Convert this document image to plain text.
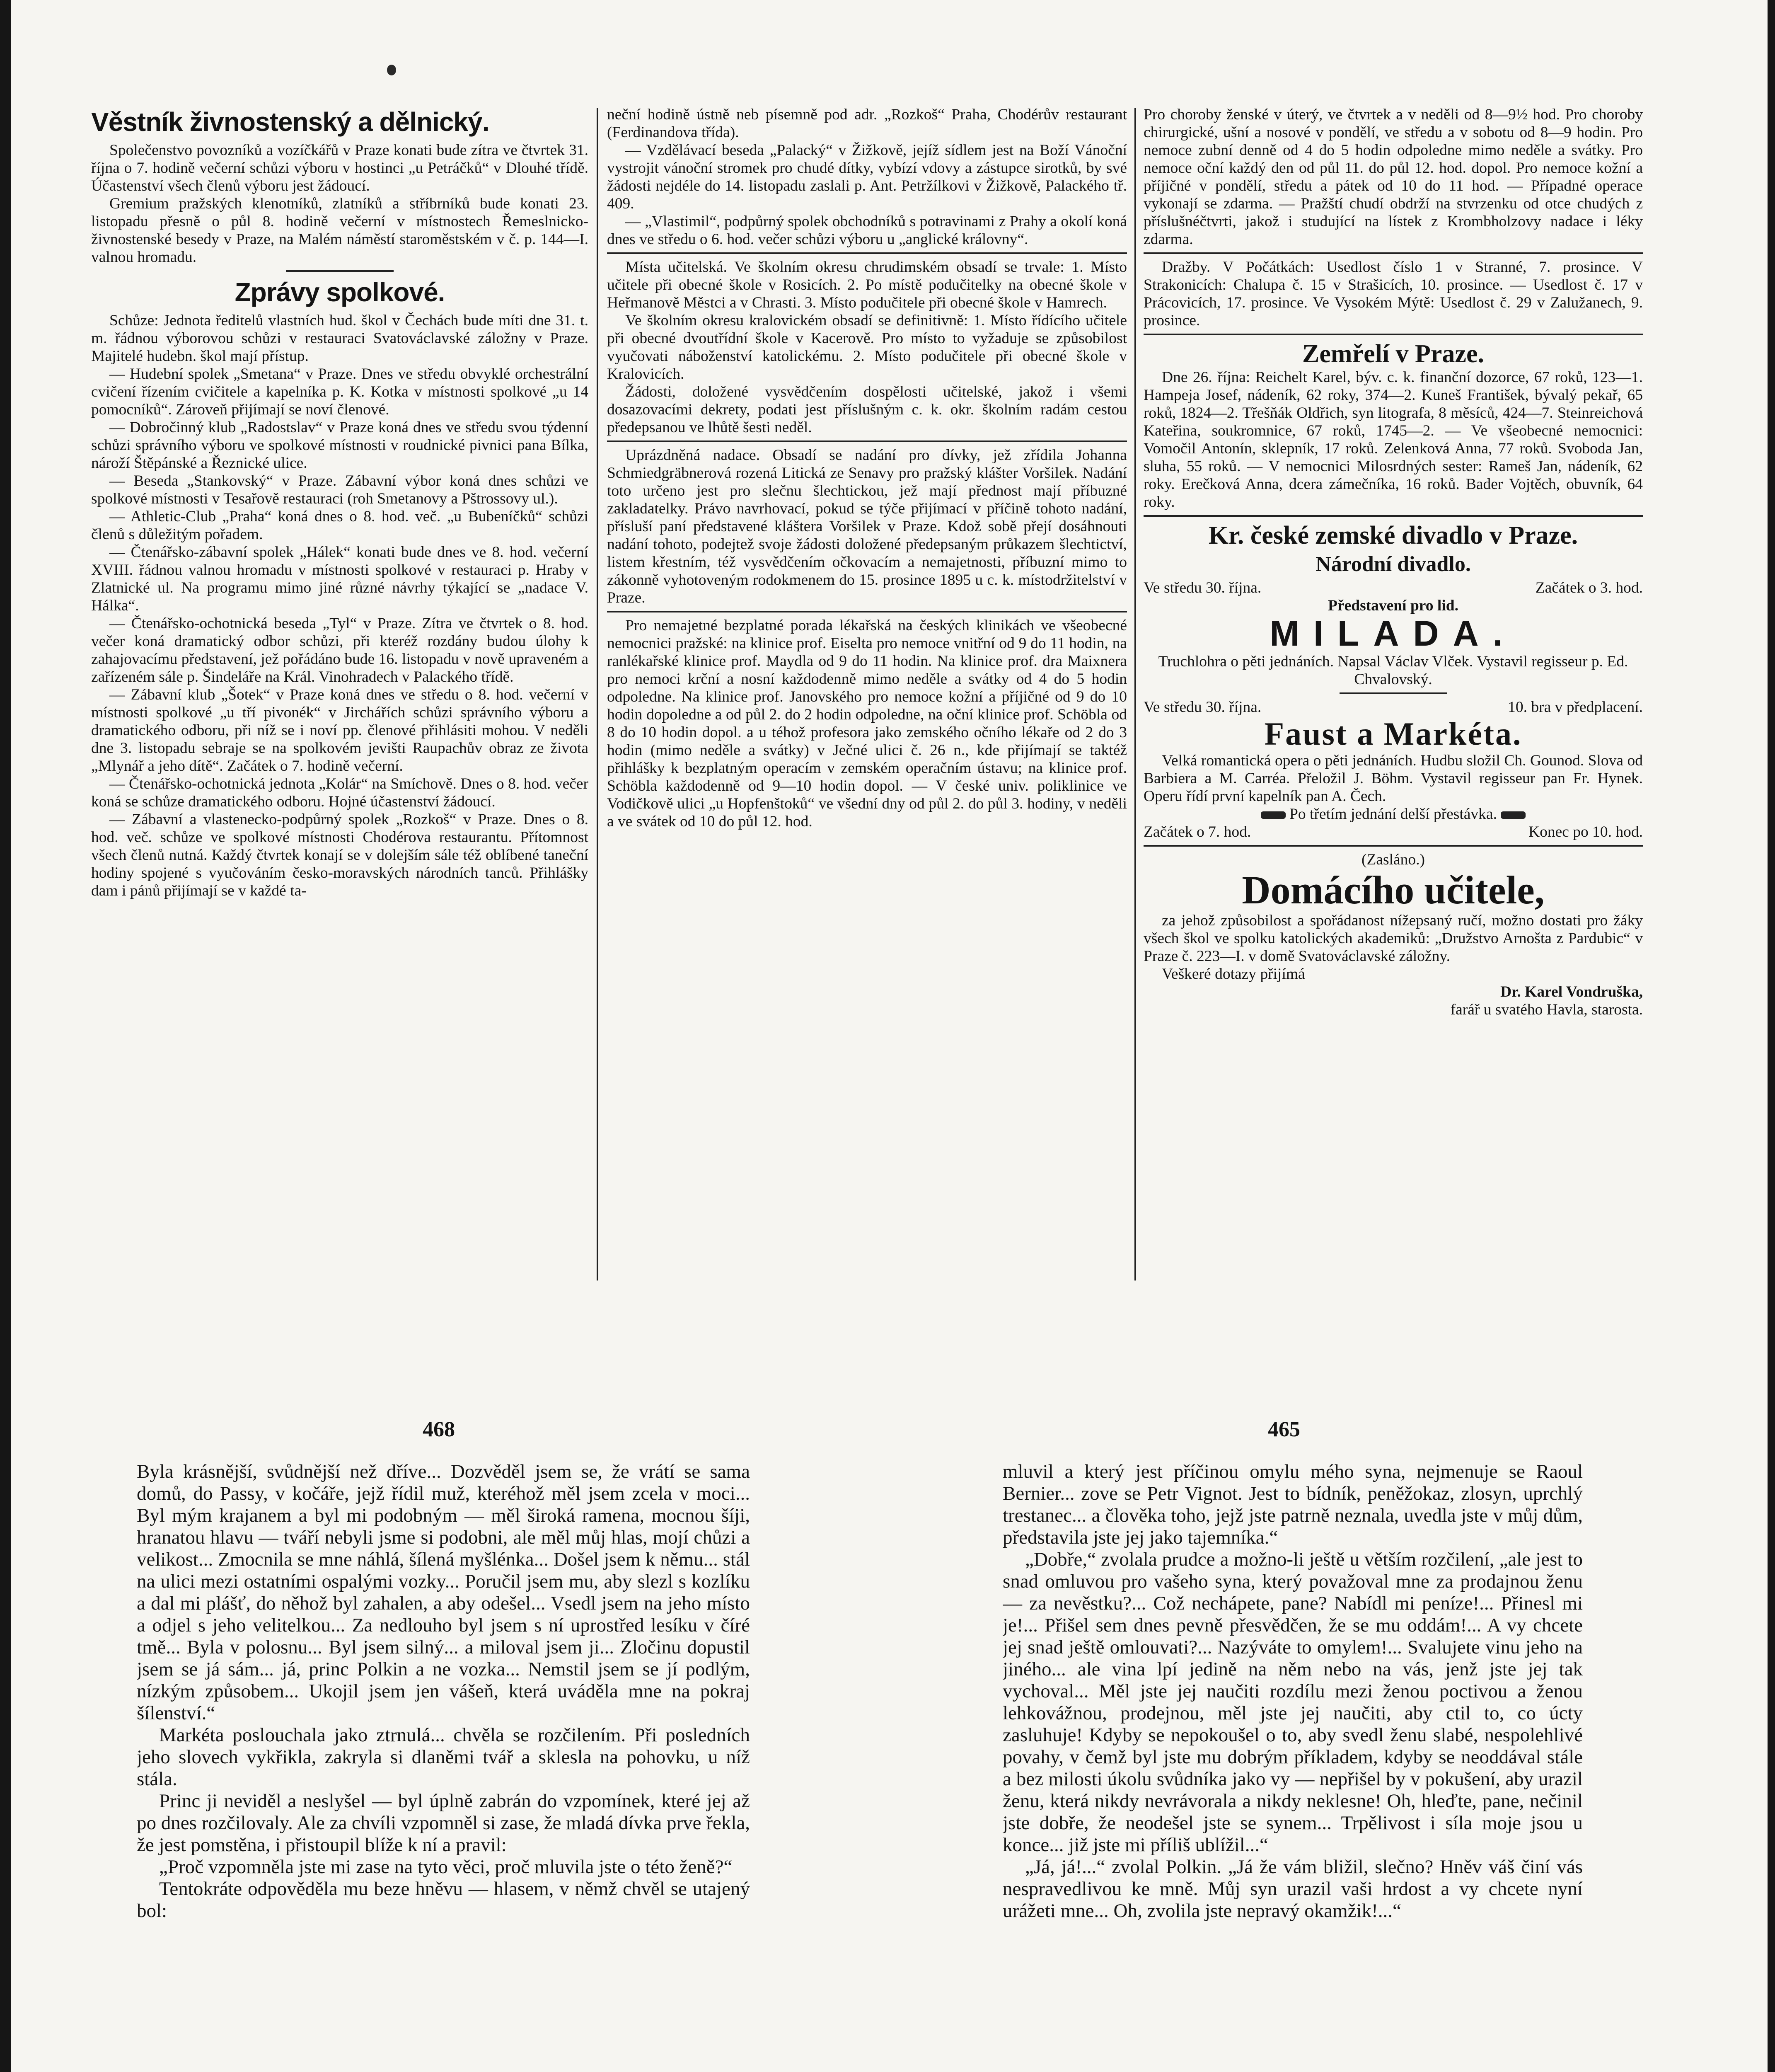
Věstník živnostenský a dělnický.

Společenstvo povozníků a vozíčkářů v Praze konati bude zítra ve čtvrtek 31. října o 7. hodině večerní schůzi výboru v hostinci „u Petráčků“ v Dlouhé třídě. Účastenství všech členů výboru jest žádoucí.

Gremium pražských klenotníků, zlatníků a stříbrníků bude konati 23. listopadu přesně o půl 8. hodině večerní v místnostech Řemeslnicko-živnostenské besedy v Praze, na Malém náměstí staroměstském v č. p. 144—I. valnou hromadu.

Zprávy spolkové.

Schůze: Jednota ředitelů vlastních hud. škol v Čechách bude míti dne 31. t. m. řádnou výborovou schůzi v restauraci Svatováclavské záložny v Praze. Majitelé hudebn. škol mají přístup.

— Hudební spolek „Smetana“ v Praze. Dnes ve středu obvyklé orchestrální cvičení řízením cvičitele a kapelníka p. K. Kotka v místnosti spolkové „u 14 pomocníků“. Zároveň přijímají se noví členové.

— Dobročinný klub „Radostslav“ v Praze koná dnes ve středu svou týdenní schůzi správního výboru ve spolkové místnosti v roudnické pivnici pana Bílka, nároží Štěpánské a Řeznické ulice.

— Beseda „Stankovský“ v Praze. Zábavní výbor koná dnes schůzi ve spolkové místnosti v Tesařově restauraci (roh Smetanovy a Pštrossovy ul.).

— Athletic-Club „Praha“ koná dnes o 8. hod. več. „u Bubeníčků“ schůzi členů s důležitým pořadem.

— Čtenářsko-zábavní spolek „Hálek“ konati bude dnes ve 8. hod. večerní XVIII. řádnou valnou hromadu v místnosti spolkové v restauraci p. Hraby v Zlatnické ul. Na programu mimo jiné různé návrhy týkající se „nadace V. Hálka“.

— Čtenářsko-ochotnická beseda „Tyl“ v Praze. Zítra ve čtvrtek o 8. hod. večer koná dramatický odbor schůzi, při kteréž rozdány budou úlohy k zahajovacímu představení, jež pořádáno bude 16. listopadu v nově upraveném a zařízeném sále p. Šindeláře na Král. Vinohradech v Palackého třídě.

— Zábavní klub „Šotek“ v Praze koná dnes ve středu o 8. hod. večerní v místnosti spolkové „u tří pivonék“ v Jirchářích schůzi správního výboru a dramatického odboru, při níž se i noví pp. členové přihlásiti mohou. V neděli dne 3. listopadu sebraje se na spolkovém jevišti Raupachův obraz ze života „Mlynář a jeho dítě“. Začátek o 7. hodině večerní.

— Čtenářsko-ochotnická jednota „Kolár“ na Smíchově. Dnes o 8. hod. večer koná se schůze dramatického odboru. Hojné účastenství žádoucí.

— Zábavní a vlastenecko-podpůrný spolek „Rozkoš“ v Praze. Dnes o 8. hod. več. schůze ve spolkové místnosti Chodérova restaurantu. Přítomnost všech členů nutná. Každý čtvrtek konají se v dolejším sále též oblíbené taneční hodiny spojené s vyučováním česko-moravských národních tanců. Přihlášky dam i pánů přijímají se v každé ta-

neční hodině ústně neb písemně pod adr. „Rozkoš“ Praha, Chodérův restaurant (Ferdinandova třída).

— Vzdělávací beseda „Palacký“ v Žižkově, jejíž sídlem jest na Boží Vánoční vystrojit vánoční stromek pro chudé dítky, vybízí vdovy a zástupce sirotků, by své žádosti nejdéle do 14. listopadu zaslali p. Ant. Petržílkovi v Žižkově, Palackého tř. 409.

— „Vlastimil“, podpůrný spolek obchodníků s potravinami z Prahy a okolí koná dnes ve středu o 6. hod. večer schůzi výboru u „anglické královny“.

Místa učitelská. Ve školním okresu chrudimském obsadí se trvale: 1. Místo učitele při obecné škole v Rosicích. 2. Po místě podučitelky na obecné škole v Heřmanově Městci a v Chrasti. 3. Místo podučitele při obecné škole v Hamrech.

Ve školním okresu kralovickém obsadí se definitivně: 1. Místo řídícího učitele při obecné dvoutřídní škole v Kacerově. Pro místo to vyžaduje se způsobilost vyučovati náboženství katolickému. 2. Místo podučitele při obecné škole v Kralovicích.

Žádosti, doložené vysvědčením dospělosti učitelské, jakož i všemi dosazovacími dekrety, podati jest příslušným c. k. okr. školním radám cestou předepsanou ve lhůtě šesti neděl.

Uprázdněná nadace. Obsadí se nadání pro dívky, jež zřídila Johanna Schmiedgräbnerová rozená Litická ze Senavy pro pražský klášter Voršilek. Nadání toto určeno jest pro slečnu šlechtickou, jež mají přednost mají příbuzné zakladatelky. Právo navrhovací, pokud se týče přijímací v příčině tohoto nadání, přísluší paní představené kláštera Voršilek v Praze. Kdož sobě přejí dosáhnouti nadání tohoto, podejtež svoje žádosti doložené předepsaným průkazem šlechtictví, listem křestním, též vysvědčením očkovacím a nemajetnosti, příbuzní mimo to zákonně vyhotoveným rodokmenem do 15. prosince 1895 u c. k. místodržitelství v Praze.

Pro nemajetné bezplatné porada lékařská na českých klinikách ve všeobecné nemocnici pražské: na klinice prof. Eiselta pro nemoce vnitřní od 9 do 11 hodin, na ranlékařské klinice prof. Maydla od 9 do 11 hodin. Na klinice prof. dra Maixnera pro nemoci krční a nosní každodenně mimo neděle a svátky od 4 do 5 hodin odpoledne. Na klinice prof. Janovského pro nemoce kožní a příjičné od 9 do 10 hodin dopoledne a od půl 2. do 2 hodin odpoledne, na oční klinice prof. Schöbla od 8 do 10 hodin dopol. a u téhož profesora jako zemského očního lékaře od 2 do 3 hodin (mimo neděle a svátky) v Ječné ulici č. 26 n., kde přijímají se taktéž přihlášky k bezplatným operacím v zemském operačním ústavu; na klinice prof. Schöbla každodenně od 9—10 hodin dopol. — V české univ. poliklinice ve Vodičkově ulici „u Hopfenštoků“ ve všední dny od půl 2. do půl 3. hodiny, v neděli a ve svátek od 10 do půl 12. hod.

Pro choroby ženské v úterý, ve čtvrtek a v neděli od 8—9½ hod. Pro choroby chirurgické, ušní a nosové v pondělí, ve středu a v sobotu od 8—9 hodin. Pro nemoce zubní denně od 4 do 5 hodin odpoledne mimo neděle a svátky. Pro nemoce oční každý den od půl 11. do půl 12. hod. dopol. Pro nemoce kožní a příjičné v pondělí, středu a pátek od 10 do 11 hod. — Případné operace vykonají se zdarma. — Pražští chudí obdrží na stvrzenku od otce chudých z příslušnéčtvrti, jakož i studující na lístek z Krombholzovy nadace i léky zdarma.

Dražby. V Počátkách: Usedlost číslo 1 v Stranné, 7. prosince. V Strakonicích: Chalupa č. 15 v Strašicích, 10. prosince. — Usedlost č. 17 v Prácovicích, 17. prosince. Ve Vysokém Mýtě: Usedlost č. 29 v Zalužanech, 9. prosince.

Zemřelí v Praze.

Dne 26. října: Reichelt Karel, býv. c. k. finanční dozorce, 67 roků, 123—1. Hampeja Josef, nádeník, 62 roky, 374—2. Kuneš František, bývalý pekař, 65 roků, 1824—2. Třešňák Oldřich, syn litografa, 8 měsíců, 424—7. Steinreichová Kateřina, soukromnice, 67 roků, 1745—2. — Ve všeobecné nemocnici: Vomočil Antonín, sklepník, 17 roků. Zelenková Anna, 77 roků. Svoboda Jan, sluha, 55 roků. — V nemocnici Milosrdných sester: Rameš Jan, nádeník, 62 roky. Erečková Anna, dcera zámečníka, 16 roků. Bader Vojtěch, obuvník, 64 roky.

Kr. české zemské divadlo v Praze.
Národní divadlo.
Ve středu 30. října.	Začátek o 3. hod.
Představení pro lid.
MILADA.
Truchlohra o pěti jednáních. Napsal Václav Vlček. Vystavil regisseur p. Ed. Chvalovský.
Ve středu 30. října.	10. bra v předplacení.
Faust a Markéta.

Velká romantická opera o pěti jednáních. Hudbu složil Ch. Gounod. Slova od Barbiera a M. Carréa. Přeložil J. Böhm. Vystavil regisseur pan Fr. Hynek. Operu řídí první kapelník pan A. Čech.

Po třetím jednání delší přestávka.
Začátek o 7. hod.	Konec po 10. hod.
(Zasláno.)
Domácího učitele,

za jehož způsobilost a spořádanost nížepsaný ručí, možno dostati pro žáky všech škol ve spolku katolických akademiků: „Družstvo Arnošta z Pardubic“ v Praze č. 223—I. v domě Svatováclavské záložny.

Veškeré dotazy přijímá

Dr. Karel Vondruška,
farář u svatého Havla, starosta.
468	465

Byla krásnější, svůdnější než dříve... Dozvěděl jsem se, že vrátí se sama domů, do Passy, v kočáře, jejž řídil muž, kteréhož měl jsem zcela v moci... Byl mým krajanem a byl mi podobným — měl široká ramena, mocnou šíji, hranatou hlavu — tváří nebyli jsme si podobni, ale měl můj hlas, mojí chůzi a velikost... Zmocnila se mne náhlá, šílená myšlénka... Došel jsem k němu... stál na ulici mezi ostatními ospalými vozky... Poručil jsem mu, aby slezl s kozlíku a dal mi plášť, do něhož byl zahalen, a aby odešel... Vsedl jsem na jeho místo a odjel s jeho velitelkou... Za nedlouho byl jsem s ní uprostřed lesíku v číré tmě... Byla v polosnu... Byl jsem silný... a miloval jsem ji... Zločinu dopustil jsem se já sám... já, princ Polkin a ne vozka... Nemstil jsem se jí podlým, nízkým způsobem... Ukojil jsem jen vášeň, která uváděla mne na pokraj šílenství.“

Markéta poslouchala jako ztrnulá... chvěla se rozčilením. Při posledních jeho slovech vykřikla, zakryla si dlaněmi tvář a sklesla na pohovku, u níž stála.

Princ ji neviděl a neslyšel — byl úplně zabrán do vzpomínek, které jej až po dnes rozčilovaly. Ale za chvíli vzpomněl si zase, že mladá dívka prve řekla, že jest pomstěna, i přistoupil blíže k ní a pravil:

„Proč vzpomněla jste mi zase na tyto věci, proč mluvila jste o této ženě?“

Tentokráte odpověděla mu beze hněvu — hlasem, v němž chvěl se utajený bol:

mluvil a který jest příčinou omylu mého syna, nejmenuje se Raoul Bernier... zove se Petr Vignot. Jest to bídník, peněžokaz, zlosyn, uprchlý trestanec... a člověka toho, jejž jste patrně neznala, uvedla jste v můj dům, představila jste jej jako tajemníka.“

„Dobře,“ zvolala prudce a možno-li ještě u větším rozčilení, „ale jest to snad omluvou pro vašeho syna, který považoval mne za prodajnou ženu — za nevěstku?... Což nechápete, pane? Nabídl mi peníze!... Přinesl mi je!... Přišel sem dnes pevně přesvědčen, že se mu oddám!... A vy chcete jej snad ještě omlouvati?... Nazýváte to omylem!... Svalujete vinu jeho na jiného... ale vina lpí jedině na něm nebo na vás, jenž jste jej tak vychoval... Měl jste jej naučiti rozdílu mezi ženou poctivou a ženou lehkovážnou, prodejnou, měl jste jej naučiti, aby ctil to, co úcty zasluhuje! Kdyby se nepokoušel o to, aby svedl ženu slabé, nespolehlivé povahy, v čemž byl jste mu dobrým příkladem, kdyby se neoddával stále a bez milosti úkolu svůdníka jako vy — nepřišel by v pokušení, aby urazil ženu, která nikdy nevrávorala a nikdy neklesne! Oh, hleďte, pane, nečinil jste dobře, že neodešel jste se synem... Trpělivost i síla moje jsou u konce... již jste mi příliš ublížil...“

„Já, já!...“ zvolal Polkin. „Já že vám bližil, slečno? Hněv váš činí vás nespravedlivou ke mně. Můj syn urazil vaši hrdost a vy chcete nyní urážeti mne... Oh, zvolila jste nepravý okamžik!...“
